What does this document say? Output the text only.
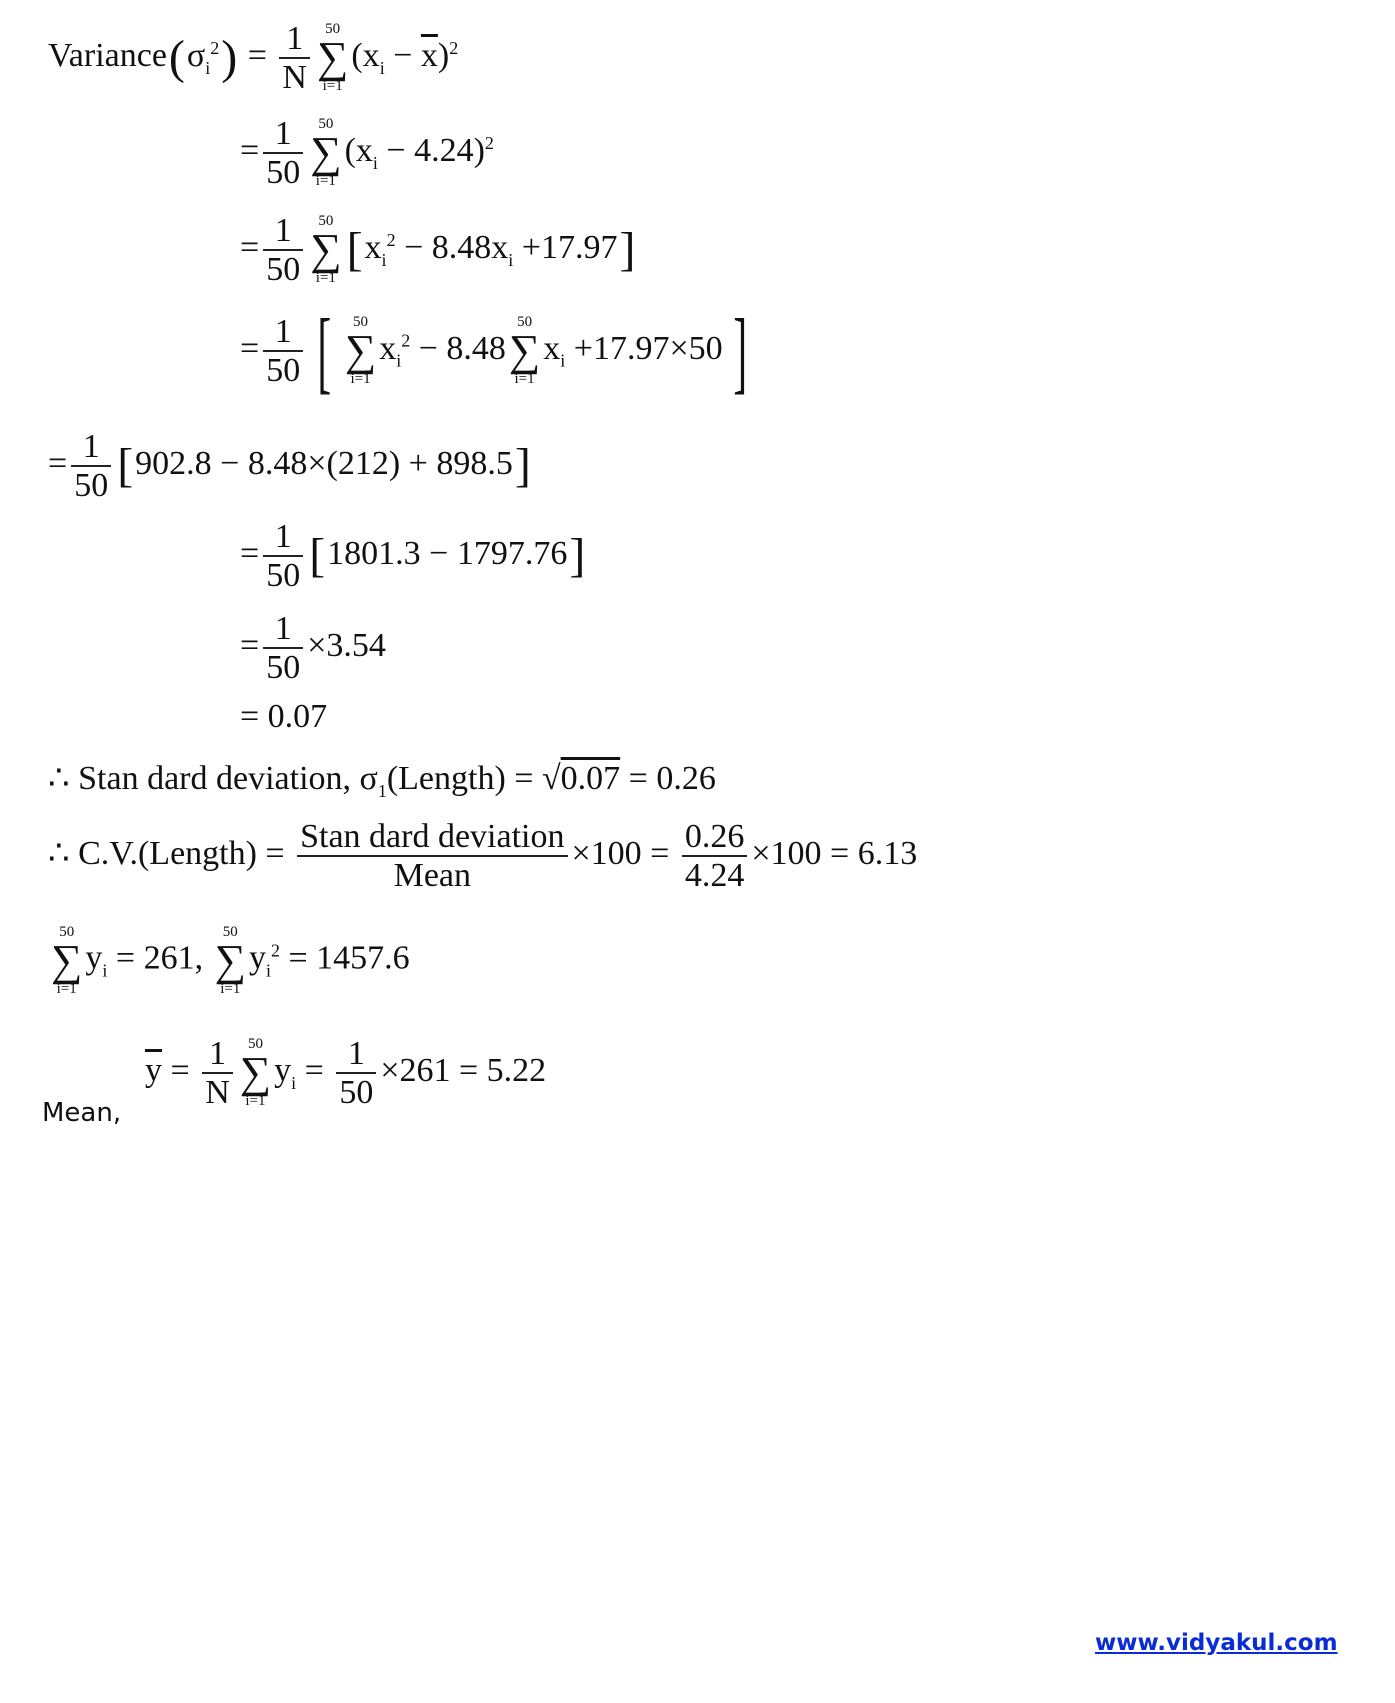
$Variance(\sigma_i^2) = \frac{1}{N}$	50
∑
i=1
$(x_i - \overline{x})^2$
= $\frac{1}{50}$	50
∑
i=1
$(x_i - 4.24)^2$
= $\frac{1}{50}$	50
∑
i=1
$[x_i^2 - 8.48x_i +17.97]$
= $\frac{1}{50}$ [	50
∑
i=1
$x_i^2 - 8.48$
50
∑
i=1
$x_i +17.97\times 50$ ]
= $\frac{1}{50} [902.8 - 8.48\times(212) + 898.5]$
= $\frac{1}{50} [1801.3 - 1797.76]$
= $\frac{1}{50} \times 3.54$
= 0.07
∴ Stan dard deviation, $\sigma_1(Length) = √0.07 = 0.26$
∴ C.V.(Length) = $\frac{\text{Stan dard deviation}}{\text{Mean}} \times 100 = \frac{0.26}{4.24} \times 100 = 6.13$
50
∑
i=1
$y_i = 261$,
50
∑
i=1
$y_i^2 = 1457.6$
Mean,
$\overline{y} = \frac{1}{N}$	50
∑
i=1
$y_i = \frac{1}{50} \times 261 = 5.22$
www.vidyakul.com
